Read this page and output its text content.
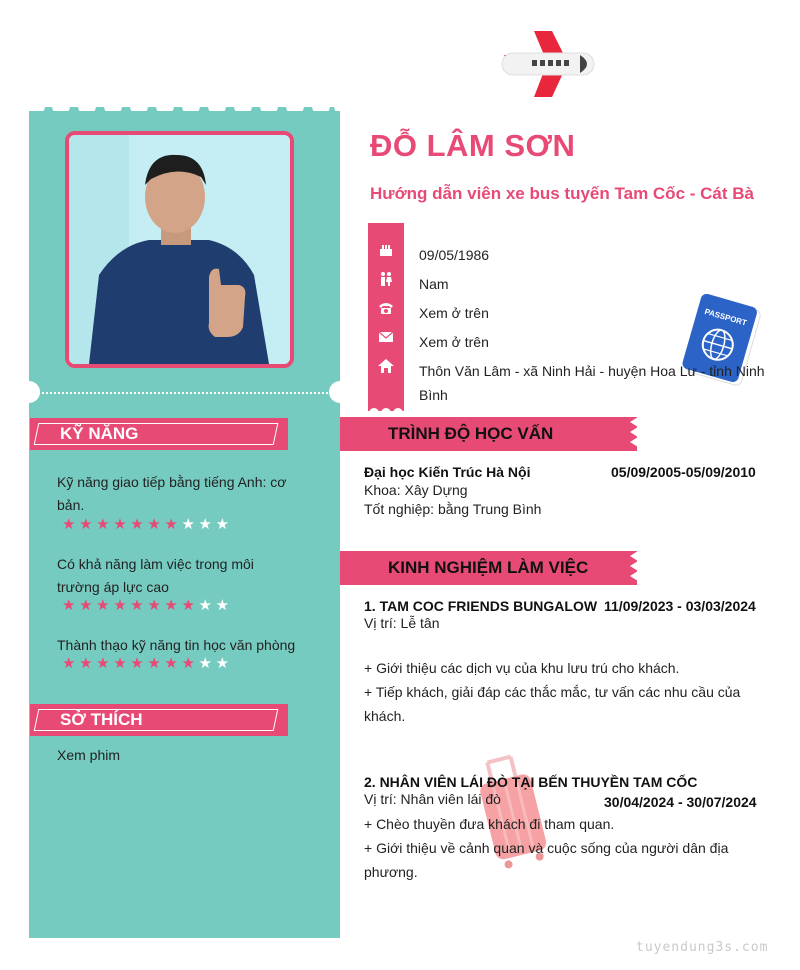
KỸ NĂNG
Kỹ năng giao tiếp bằng tiếng Anh: cơ
bản.
★★★★★★★★★★
Có khả năng làm việc trong môi
trường áp lực cao
★★★★★★★★★★
Thành thạo kỹ năng tin học văn phòng
★★★★★★★★★★
SỞ THÍCH
Xem phim
ĐỖ LÂM SƠN
Hướng dẫn viên xe bus tuyến Tam Cốc - Cát Bà
09/05/1986
Nam
Xem ở trên
Xem ở trên
PASSPORT
Thôn Văn Lâm - xã Ninh Hải - huyện Hoa Lư - tỉnh Ninh
Bình
TRÌNH ĐỘ HỌC VẤN
Đại học Kiến Trúc Hà Nội	05/09/2005-05/09/2010
Khoa: Xây Dựng
Tốt nghiệp: bằng Trung Bình
KINH NGHIỆM LÀM VIỆC
1. TAM COC FRIENDS BUNGALOW 11/09/2023 - 03/03/2024
Vị trí: Lễ tân
+ Giới thiệu các dịch vụ của khu lưu trú cho khách.
+ Tiếp khách, giải đáp các thắc mắc, tư vấn các nhu cầu của
khách.
2. NHÂN VIÊN LÁI ĐÒ TẠI BẾN THUYỀN TAM CỐC
Vị trí: Nhân viên lái đò	30/04/2024 - 30/07/2024
+ Chèo thuyền đưa khách đi tham quan.
+ Giới thiệu về cảnh quan và cuộc sống của người dân địa
phương.
tuyendung3s.com
